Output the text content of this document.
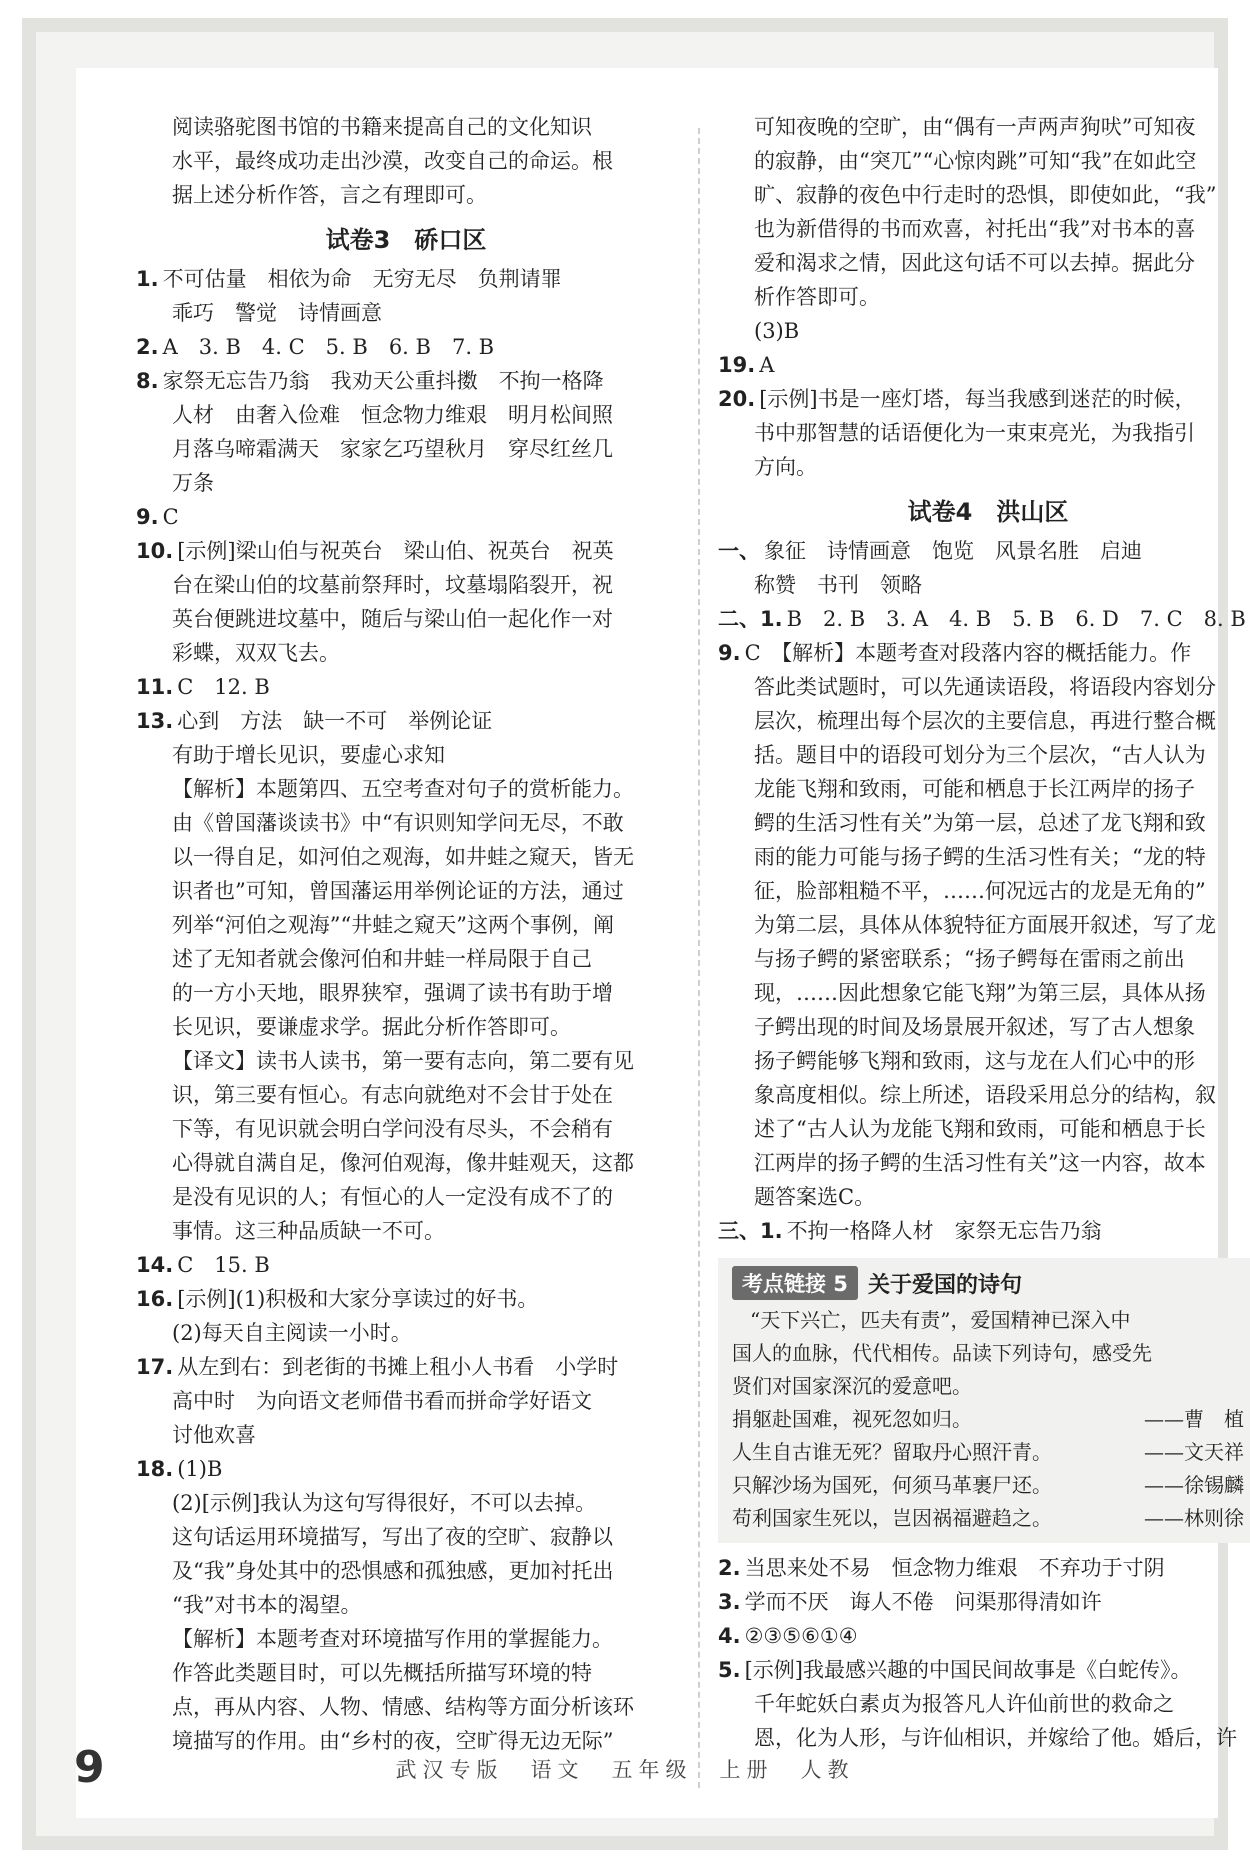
阅读骆驼图书馆的书籍来提高自己的文化知识

水平，最终成功走出沙漠，改变自己的命运。根

据上述分析作答，言之有理即可。

试卷3　硚口区

1. 不可估量　相依为命　无穷无尽　负荆请罪

乖巧　警觉　诗情画意

2. A　3. B　4. C　5. B　6. B　7. B

8. 家祭无忘告乃翁　我劝天公重抖擞　不拘一格降

人材　由奢入俭难　恒念物力维艰　明月松间照

月落乌啼霜满天　家家乞巧望秋月　穿尽红丝几

万条

9. C

10. [示例]梁山伯与祝英台　梁山伯、祝英台　祝英

台在梁山伯的坟墓前祭拜时，坟墓塌陷裂开，祝

英台便跳进坟墓中，随后与梁山伯一起化作一对

彩蝶，双双飞去。

11. C　12. B

13. 心到　方法　缺一不可　举例论证

有助于增长见识，要虚心求知

【解析】本题第四、五空考查对句子的赏析能力。

由《曾国藩谈读书》中“有识则知学问无尽，不敢

以一得自足，如河伯之观海，如井蛙之窥天，皆无

识者也”可知，曾国藩运用举例论证的方法，通过

列举“河伯之观海”“井蛙之窥天”这两个事例，阐

述了无知者就会像河伯和井蛙一样局限于自己

的一方小天地，眼界狭窄，强调了读书有助于增

长见识，要谦虚求学。据此分析作答即可。

【译文】读书人读书，第一要有志向，第二要有见

识，第三要有恒心。有志向就绝对不会甘于处在

下等，有见识就会明白学问没有尽头，不会稍有

心得就自满自足，像河伯观海，像井蛙观天，这都

是没有见识的人；有恒心的人一定没有成不了的

事情。这三种品质缺一不可。

14. C　15. B

16. [示例](1)积极和大家分享读过的好书。

(2)每天自主阅读一小时。

17. 从左到右：到老街的书摊上租小人书看　小学时

高中时　为向语文老师借书看而拼命学好语文

讨他欢喜

18. (1)B

(2)[示例]我认为这句写得很好，不可以去掉。

这句话运用环境描写，写出了夜的空旷、寂静以

及“我”身处其中的恐惧感和孤独感，更加衬托出

“我”对书本的渴望。

【解析】本题考查对环境描写作用的掌握能力。

作答此类题目时，可以先概括所描写环境的特

点，再从内容、人物、情感、结构等方面分析该环

境描写的作用。由“乡村的夜，空旷得无边无际”

可知夜晚的空旷，由“偶有一声两声狗吠”可知夜

的寂静，由“突兀”“心惊肉跳”可知“我”在如此空

旷、寂静的夜色中行走时的恐惧，即使如此，“我”

也为新借得的书而欢喜，衬托出“我”对书本的喜

爱和渴求之情，因此这句话不可以去掉。据此分

析作答即可。

(3)B

19. A

20. [示例]书是一座灯塔，每当我感到迷茫的时候，

书中那智慧的话语便化为一束束亮光，为我指引

方向。

试卷4　洪山区

一、 象征　诗情画意　饱览　风景名胜　启迪

称赞　书刊　领略

二、1. B　2. B　3. A　4. B　5. B　6. D　7. C　8. B

9. C　【解析】本题考查对段落内容的概括能力。作

答此类试题时，可以先通读语段，将语段内容划分

层次，梳理出每个层次的主要信息，再进行整合概

括。题目中的语段可划分为三个层次，“古人认为

龙能飞翔和致雨，可能和栖息于长江两岸的扬子

鳄的生活习性有关”为第一层，总述了龙飞翔和致

雨的能力可能与扬子鳄的生活习性有关；“龙的特

征，脸部粗糙不平，……何况远古的龙是无角的”

为第二层，具体从体貌特征方面展开叙述，写了龙

与扬子鳄的紧密联系；“扬子鳄每在雷雨之前出

现，……因此想象它能飞翔”为第三层，具体从扬

子鳄出现的时间及场景展开叙述，写了古人想象

扬子鳄能够飞翔和致雨，这与龙在人们心中的形

象高度相似。综上所述，语段采用总分的结构，叙

述了“古人认为龙能飞翔和致雨，可能和栖息于长

江两岸的扬子鳄的生活习性有关”这一内容，故本

题答案选C。

三、1. 不拘一格降人材　家祭无忘告乃翁

考点链接 5 关于爱国的诗句

“天下兴亡，匹夫有责”，爱国精神已深入中

国人的血脉，代代相传。品读下列诗句，感受先

贤们对国家深沉的爱意吧。

捐躯赴国难，视死忽如归。	——曹　植
人生自古谁无死？留取丹心照汗青。	——文天祥
只解沙场为国死，何须马革裹尸还。	——徐锡麟
苟利国家生死以，岂因祸福避趋之。	——林则徐

2. 当思来处不易　恒念物力维艰　不弃功于寸阴

3. 学而不厌　诲人不倦　问渠那得清如许

4. ②③⑤⑥①④

5. [示例]我最感兴趣的中国民间故事是《白蛇传》。

千年蛇妖白素贞为报答凡人许仙前世的救命之

恩，化为人形，与许仙相识，并嫁给了他。婚后，许

9	武汉专版　语文　五年级　上册　人教
